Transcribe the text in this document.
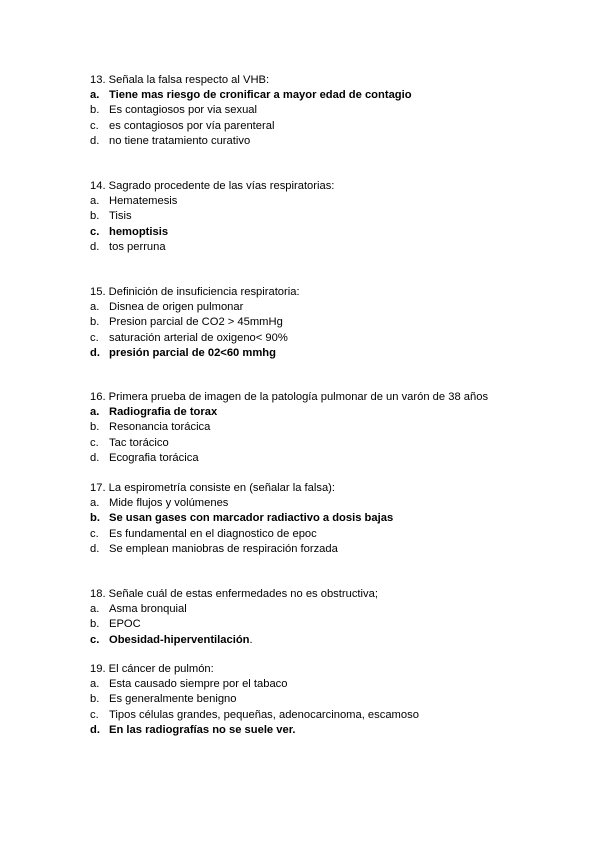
13. Señala la falsa respecto al VHB:
a. Tiene mas riesgo de cronificar a mayor edad de contagio
b. Es contagiosos por via sexual
c. es contagiosos por vía parenteral
d. no tiene tratamiento curativo
14. Sagrado procedente de las vías respiratorias:
a. Hematemesis
b. Tisis
c. hemoptisis
d. tos perruna
15. Definición de insuficiencia respiratoria:
a. Disnea de origen pulmonar
b. Presion parcial de CO2 > 45mmHg
c. saturación arterial de oxigeno< 90%
d. presión parcial de 02<60 mmhg
16. Primera prueba de imagen de la patología pulmonar de un varón de 38 años
a. Radiografia de torax
b. Resonancia torácica
c. Tac torácico
d. Ecografia torácica
17. La espirometría consiste en (señalar la falsa):
a. Mide flujos y volúmenes
b. Se usan gases con marcador radiactivo a dosis bajas
c. Es fundamental en el diagnostico de epoc
d. Se emplean maniobras de respiración forzada
18. Señale cuál de estas enfermedades no es obstructiva;
a. Asma bronquial
b. EPOC
c. Obesidad-hiperventilación .
19. El cáncer de pulmón:
a. Esta causado siempre por el tabaco
b. Es generalmente benigno
c. Tipos células grandes, pequeñas, adenocarcinoma, escamoso
d. En las radiografías no se suele ver.
